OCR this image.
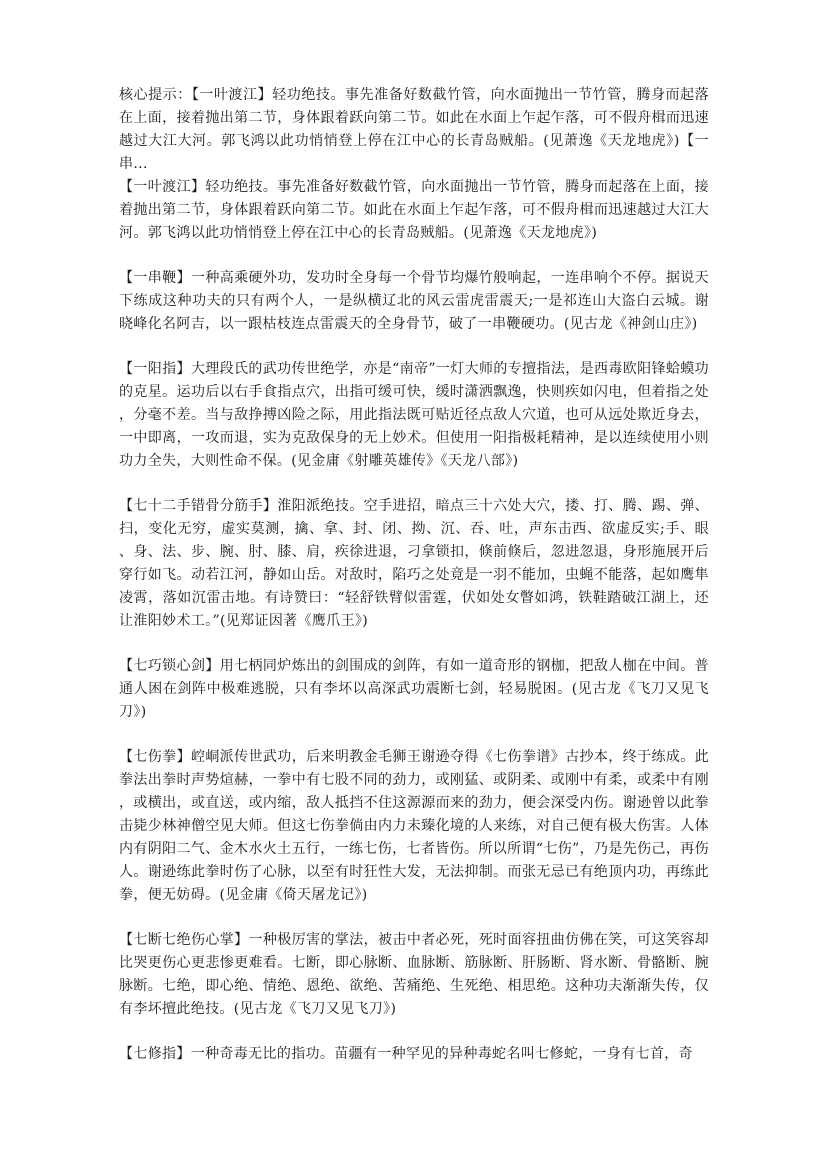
核心提示：【一叶渡江】轻功绝技。事先准备好数截竹管，向水面抛出一节竹管，腾身而起落在上面，接着抛出第二节，身体跟着跃向第二节。如此在水面上乍起乍落，可不假舟楫而迅速越过大江大河。郭飞鸿以此功悄悄登上停在江中心的长青岛贼船。(见萧逸《天龙地虎》)【一串...

【一叶渡江】轻功绝技。事先准备好数截竹管，向水面抛出一节竹管，腾身而起落在上面，接着抛出第二节，身体跟着跃向第二节。如此在水面上乍起乍落，可不假舟楫而迅速越过大江大河。郭飞鸿以此功悄悄登上停在江中心的长青岛贼船。(见萧逸《天龙地虎》)

【一串鞭】一种高乘硬外功，发功时全身每一个骨节均爆竹般响起，一连串响个不停。据说天下练成这种功夫的只有两个人，一是纵横辽北的风云雷虎雷震天;一是祁连山大盗白云城。谢晓峰化名阿吉，以一跟枯枝连点雷震天的全身骨节，破了一串鞭硬功。(见古龙《神剑山庄》)

【一阳指】大理段氏的武功传世绝学，亦是“南帝”一灯大师的专擅指法，是西毒欧阳锋蛤蟆功的克星。运功后以右手食指点穴，出指可缓可快，缓时潇洒飘逸，快则疾如闪电，但着指之处，分毫不差。当与敌挣搏凶险之际，用此指法既可贴近径点敌人穴道，也可从远处欺近身去，一中即离，一攻而退，实为克敌保身的无上妙术。但使用一阳指极耗精神，是以连续使用小则功力全失，大则性命不保。(见金庸《射雕英雄传》《天龙八部》)

【七十二手错骨分筋手】淮阳派绝技。空手进招，暗点三十六处大穴，搂、打、腾、踢、弹、扫，变化无穷，虚实莫测，擒、拿、封、闭、拗、沉、吞、吐，声东击西、欲虚反实;手、眼、身、法、步、腕、肘、膝、肩，疾徐进退，刁拿锁扣，倏前倏后，忽进忽退，身形施展开后穿行如飞。动若江河，静如山岳。对敌时，陷巧之处竟是一羽不能加，虫蝇不能落，起如鹰隼凌霄，落如沉雷击地。有诗赞曰：“轻舒铁臂似雷霆，伏如处女瞥如鸿，铁鞋踏破江湖上，还让淮阳妙术工。”(见郑证因著《鹰爪王》)

【七巧锁心剑】用七柄同炉炼出的剑围成的剑阵，有如一道奇形的钢枷，把敌人枷在中间。普通人困在剑阵中极难逃脱，只有李坏以高深武功震断七剑，轻易脱困。(见古龙《飞刀又见飞刀》)

【七伤拳】崆峒派传世武功，后来明教金毛狮王谢逊夺得《七伤拳谱》古抄本，终于练成。此拳法出拳时声势煊赫，一拳中有七股不同的劲力，或刚猛、或阴柔、或刚中有柔，或柔中有刚，或横出，或直送，或内缩，敌人抵挡不住这源源而来的劲力，便会深受内伤。谢逊曾以此拳击毙少林神僧空见大师。但这七伤拳倘由内力未臻化境的人来练，对自己便有极大伤害。人体内有阴阳二气、金木水火土五行，一练七伤，七者皆伤。所以所谓“七伤”，乃是先伤己，再伤人。谢逊练此拳时伤了心脉，以至有时狂性大发，无法抑制。而张无忌已有绝顶内功，再练此拳，便无妨碍。(见金庸《倚天屠龙记》)

【七断七绝伤心掌】一种极厉害的掌法，被击中者必死，死时面容扭曲仿佛在笑，可这笑容却比哭更伤心更悲惨更难看。七断，即心脉断、血脉断、筋脉断、肝肠断、肾水断、骨骼断、腕脉断。七绝，即心绝、情绝、恩绝、欲绝、苦痛绝、生死绝、相思绝。这种功夫渐渐失传，仅有李坏擅此绝技。(见古龙《飞刀又见飞刀》)

【七修指】一种奇毒无比的指功。苗疆有一种罕见的异种毒蛇名叫七修蛇，一身有七首，奇
